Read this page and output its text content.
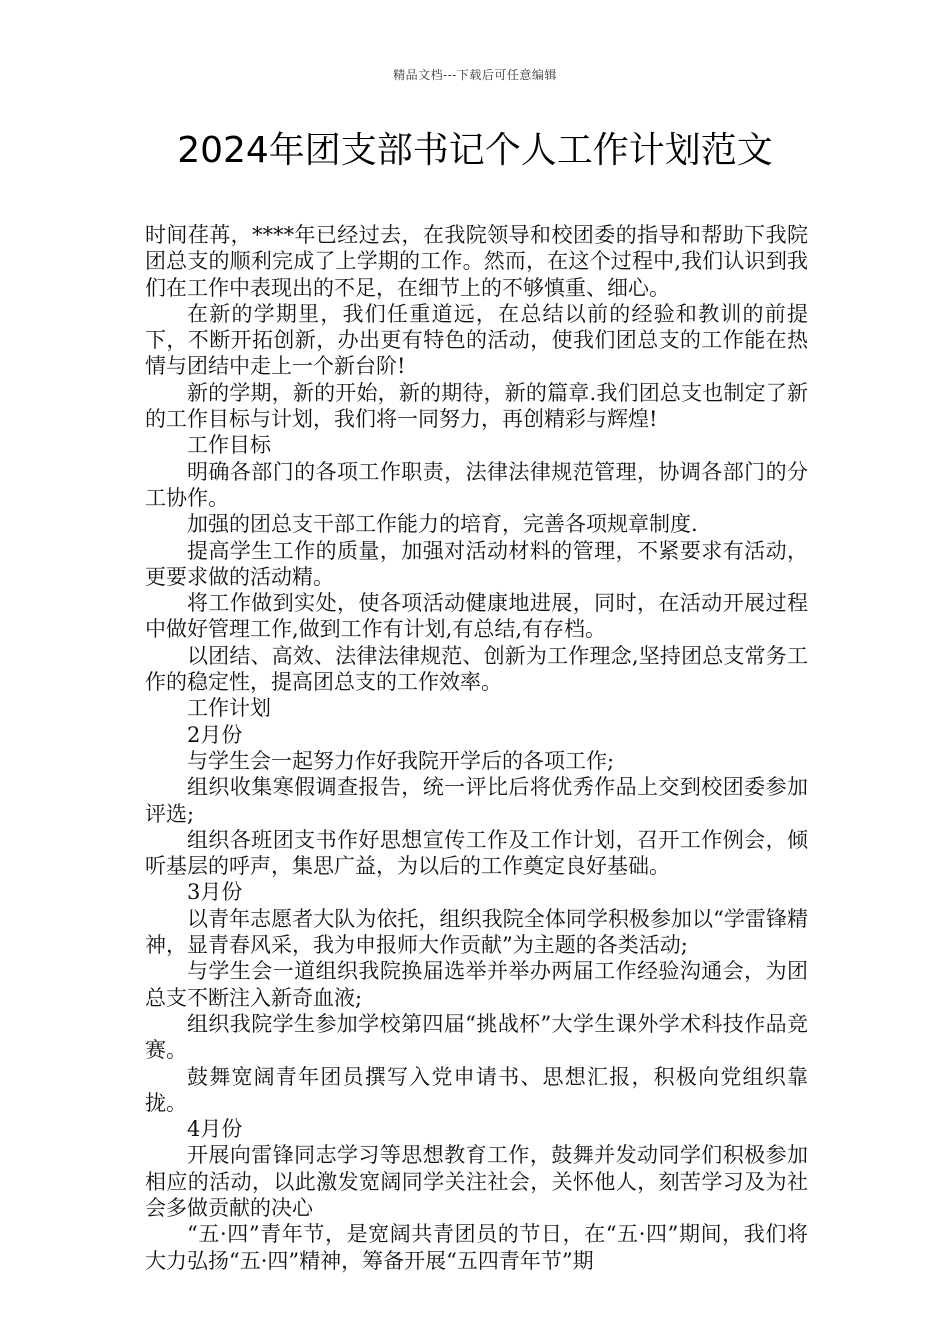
精品文档---下载后可任意编辑
2024年团支部书记个人工作计划范文

时间荏苒，****年已经过去，在我院领导和校团委的指导和帮助下我院团总支的顺利完成了上学期的工作。然而，在这个过程中,我们认识到我们在工作中表现出的不足，在细节上的不够慎重、细心。

在新的学期里，我们任重道远，在总结以前的经验和教训的前提下，不断开拓创新，办出更有特色的活动，使我们团总支的工作能在热情与团结中走上一个新台阶!

新的学期，新的开始，新的期待，新的篇章.我们团总支也制定了新的工作目标与计划，我们将一同努力，再创精彩与辉煌!

工作目标

明确各部门的各项工作职责，法律法律规范管理，协调各部门的分工协作。

加强的团总支干部工作能力的培育，完善各项规章制度.

提高学生工作的质量，加强对活动材料的管理，不紧要求有活动，更要求做的活动精。

将工作做到实处，使各项活动健康地进展，同时，在活动开展过程中做好管理工作,做到工作有计划,有总结,有存档。

以团结、高效、法律法律规范、创新为工作理念,坚持团总支常务工作的稳定性，提高团总支的工作效率。

工作计划

2月份

与学生会一起努力作好我院开学后的各项工作;

组织收集寒假调查报告，统一评比后将优秀作品上交到校团委参加评选;

组织各班团支书作好思想宣传工作及工作计划，召开工作例会，倾听基层的呼声，集思广益，为以后的工作奠定良好基础。

3月份

以青年志愿者大队为依托，组织我院全体同学积极参加以“学雷锋精神，显青春风采，我为申报师大作贡献”为主题的各类活动;

与学生会一道组织我院换届选举并举办两届工作经验沟通会，为团总支不断注入新奇血液;

组织我院学生参加学校第四届“挑战杯”大学生课外学术科技作品竞赛。

鼓舞宽阔青年团员撰写入党申请书、思想汇报，积极向党组织靠拢。

4月份

开展向雷锋同志学习等思想教育工作，鼓舞并发动同学们积极参加相应的活动，以此激发宽阔同学关注社会，关怀他人，刻苦学习及为社会多做贡献的决心

“五·四”青年节，是宽阔共青团员的节日，在“五·四”期间，我们将大力弘扬“五·四”精神，筹备开展“五四青年节”期
